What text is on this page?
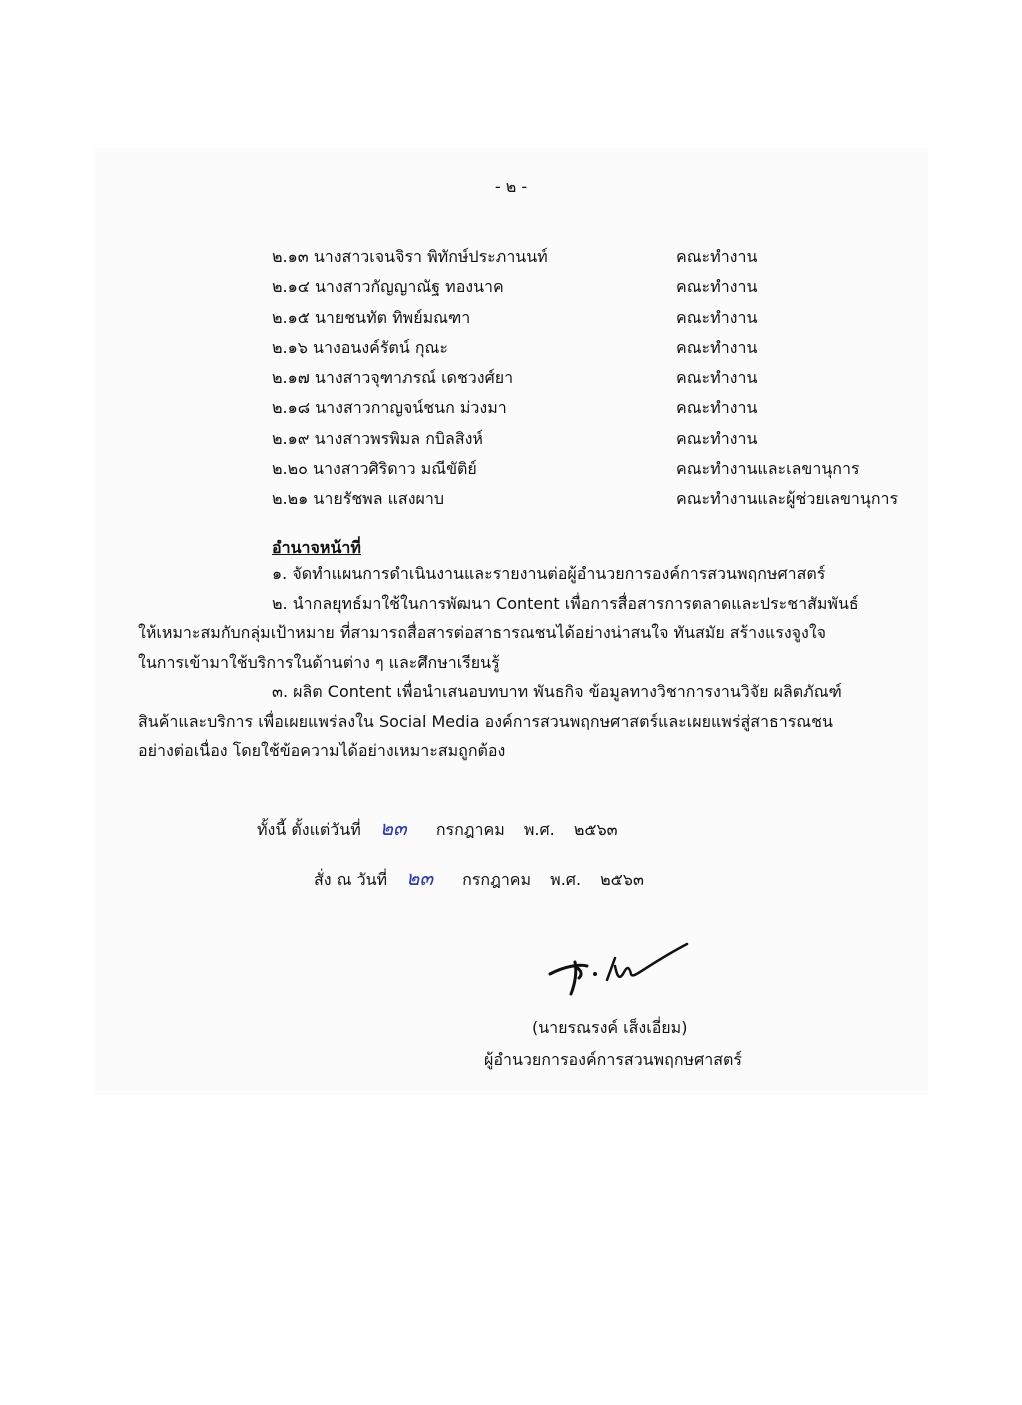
- ๒ -
๒.๑๓ นางสาวเจนจิรา พิทักษ์ประภานนท์	คณะทำงาน
๒.๑๔ นางสาวกัญญาณัฐ ทองนาค	คณะทำงาน
๒.๑๕ นายชนทัต ทิพย์มณฑา	คณะทำงาน
๒.๑๖ นางอนงค์รัตน์ กุณะ	คณะทำงาน
๒.๑๗ นางสาวจุฑาภรณ์ เดชวงศ์ยา	คณะทำงาน
๒.๑๘ นางสาวกาญจน์ชนก ม่วงมา	คณะทำงาน
๒.๑๙ นางสาวพรพิมล กบิลสิงห์	คณะทำงาน
๒.๒๐ นางสาวศิริดาว มณีขัติย์	คณะทำงานและเลขานุการ
๒.๒๑ นายรัชพล แสงผาบ	คณะทำงานและผู้ช่วยเลขานุการ
อำนาจหน้าที่
๑. จัดทำแผนการดำเนินงานและรายงานต่อผู้อำนวยการองค์การสวนพฤกษศาสตร์
๒. นำกลยุทธ์มาใช้ในการพัฒนา Content เพื่อการสื่อสารการตลาดและประชาสัมพันธ์
ให้เหมาะสมกับกลุ่มเป้าหมาย ที่สามารถสื่อสารต่อสาธารณชนได้อย่างน่าสนใจ ทันสมัย สร้างแรงจูงใจ
ในการเข้ามาใช้บริการในด้านต่าง ๆ และศึกษาเรียนรู้
๓. ผลิต Content เพื่อนำเสนอบทบาท พันธกิจ ข้อมูลทางวิชาการงานวิจัย ผลิตภัณฑ์
สินค้าและบริการ เพื่อเผยแพร่ลงใน Social Media องค์การสวนพฤกษศาสตร์และเผยแพร่สู่สาธารณชน
อย่างต่อเนื่อง โดยใช้ข้อความได้อย่างเหมาะสมถูกต้อง
ทั้งนี้ ตั้งแต่วันที่ ๒๓ กรกฎาคม พ.ศ. ๒๕๖๓
สั่ง ณ วันที่ ๒๓ กรกฎาคม พ.ศ. ๒๕๖๓
(นายรณรงค์ เส็งเอี่ยม)
ผู้อำนวยการองค์การสวนพฤกษศาสตร์
